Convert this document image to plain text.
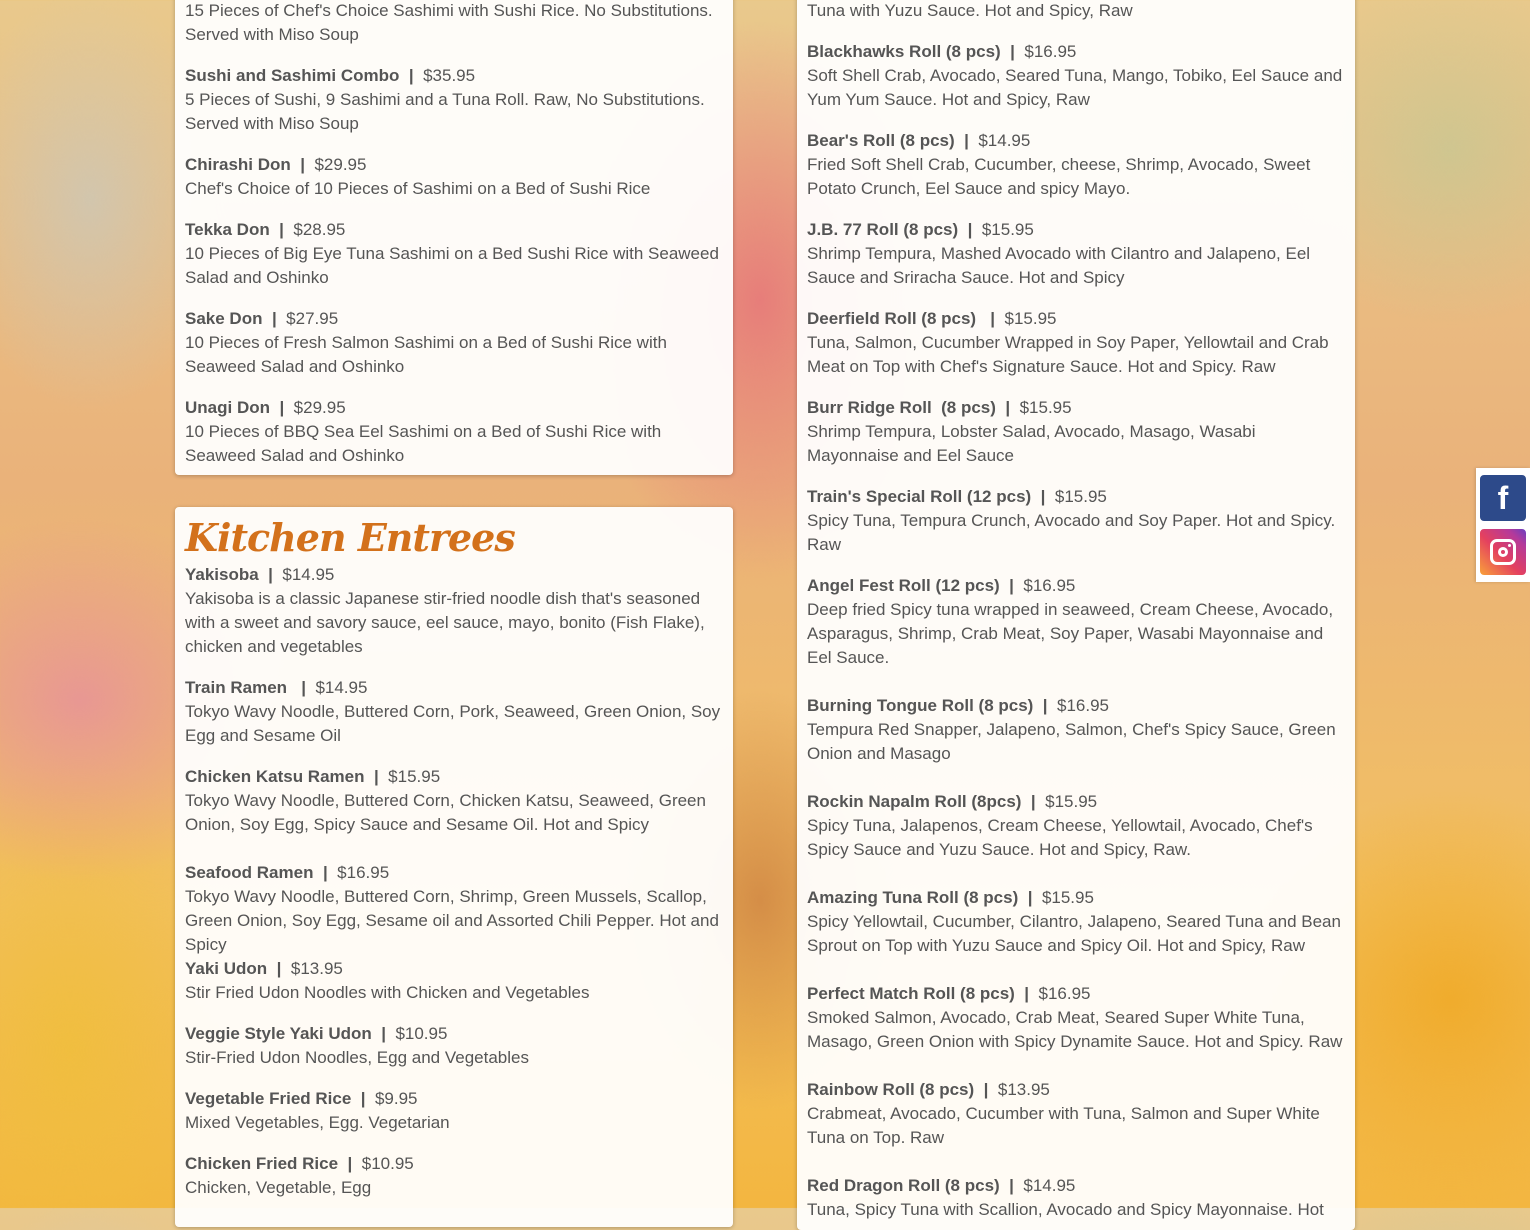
15 Pieces of Chef's Choice Sashimi with Sushi Rice. No Substitutions. Served with Miso Soup
Sushi and Sashimi Combo | $35.95
5 Pieces of Sushi, 9 Sashimi and a Tuna Roll. Raw, No Substitutions. Served with Miso Soup
Chirashi Don | $29.95
Chef's Choice of 10 Pieces of Sashimi on a Bed of Sushi Rice
Tekka Don | $28.95
10 Pieces of Big Eye Tuna Sashimi on a Bed Sushi Rice with Seaweed Salad and Oshinko
Sake Don | $27.95
10 Pieces of Fresh Salmon Sashimi on a Bed of Sushi Rice with Seaweed Salad and Oshinko
Unagi Don | $29.95
10 Pieces of BBQ Sea Eel Sashimi on a Bed of Sushi Rice with Seaweed Salad and Oshinko
Kitchen Entrees
Yakisoba | $14.95
Yakisoba is a classic Japanese stir-fried noodle dish that's seasoned with a sweet and savory sauce, eel sauce, mayo, bonito (Fish Flake), chicken and vegetables
Train Ramen | $14.95
Tokyo Wavy Noodle, Buttered Corn, Pork, Seaweed, Green Onion, Soy Egg and Sesame Oil
Chicken Katsu Ramen | $15.95
Tokyo Wavy Noodle, Buttered Corn, Chicken Katsu, Seaweed, Green Onion, Soy Egg, Spicy Sauce and Sesame Oil. Hot and Spicy
Seafood Ramen | $16.95
Tokyo Wavy Noodle, Buttered Corn, Shrimp, Green Mussels, Scallop, Green Onion, Soy Egg, Sesame oil and Assorted Chili Pepper. Hot and Spicy
Yaki Udon | $13.95
Stir Fried Udon Noodles with Chicken and Vegetables
Veggie Style Yaki Udon | $10.95
Stir-Fried Udon Noodles, Egg and Vegetables
Vegetable Fried Rice | $9.95
Mixed Vegetables, Egg. Vegetarian
Chicken Fried Rice | $10.95
Chicken, Vegetable, Egg
Tuna with Yuzu Sauce. Hot and Spicy, Raw
Blackhawks Roll (8 pcs) | $16.95
Soft Shell Crab, Avocado, Seared Tuna, Mango, Tobiko, Eel Sauce and Yum Yum Sauce. Hot and Spicy, Raw
Bear's Roll (8 pcs) | $14.95
Fried Soft Shell Crab, Cucumber, cheese, Shrimp, Avocado, Sweet Potato Crunch, Eel Sauce and spicy Mayo.
J.B. 77 Roll (8 pcs) | $15.95
Shrimp Tempura, Mashed Avocado with Cilantro and Jalapeno, Eel Sauce and Sriracha Sauce. Hot and Spicy
Deerfield Roll (8 pcs) | $15.95
Tuna, Salmon, Cucumber Wrapped in Soy Paper, Yellowtail and Crab Meat on Top with Chef's Signature Sauce. Hot and Spicy. Raw
Burr Ridge Roll  (8 pcs) | $15.95
Shrimp Tempura, Lobster Salad, Avocado, Masago, Wasabi Mayonnaise and Eel Sauce
Train's Special Roll (12 pcs) | $15.95
Spicy Tuna, Tempura Crunch, Avocado and Soy Paper. Hot and Spicy. Raw
Angel Fest Roll (12 pcs) | $16.95
Deep fried Spicy tuna wrapped in seaweed, Cream Cheese, Avocado, Asparagus, Shrimp, Crab Meat, Soy Paper, Wasabi Mayonnaise and Eel Sauce.
Burning Tongue Roll (8 pcs) | $16.95
Tempura Red Snapper, Jalapeno, Salmon, Chef's Spicy Sauce, Green Onion and Masago
Rockin Napalm Roll (8pcs) | $15.95
Spicy Tuna, Jalapenos, Cream Cheese, Yellowtail, Avocado, Chef's Spicy Sauce and Yuzu Sauce. Hot and Spicy, Raw.
Amazing Tuna Roll (8 pcs) | $15.95
Spicy Yellowtail, Cucumber, Cilantro, Jalapeno, Seared Tuna and Bean Sprout on Top with Yuzu Sauce and Spicy Oil. Hot and Spicy, Raw
Perfect Match Roll (8 pcs) | $16.95
Smoked Salmon, Avocado, Crab Meat, Seared Super White Tuna, Masago, Green Onion with Spicy Dynamite Sauce. Hot and Spicy. Raw
Rainbow Roll (8 pcs) | $13.95
Crabmeat, Avocado, Cucumber with Tuna, Salmon and Super White Tuna on Top. Raw
Red Dragon Roll (8 pcs) | $14.95
Tuna, Spicy Tuna with Scallion, Avocado and Spicy Mayonnaise. Hot
f
